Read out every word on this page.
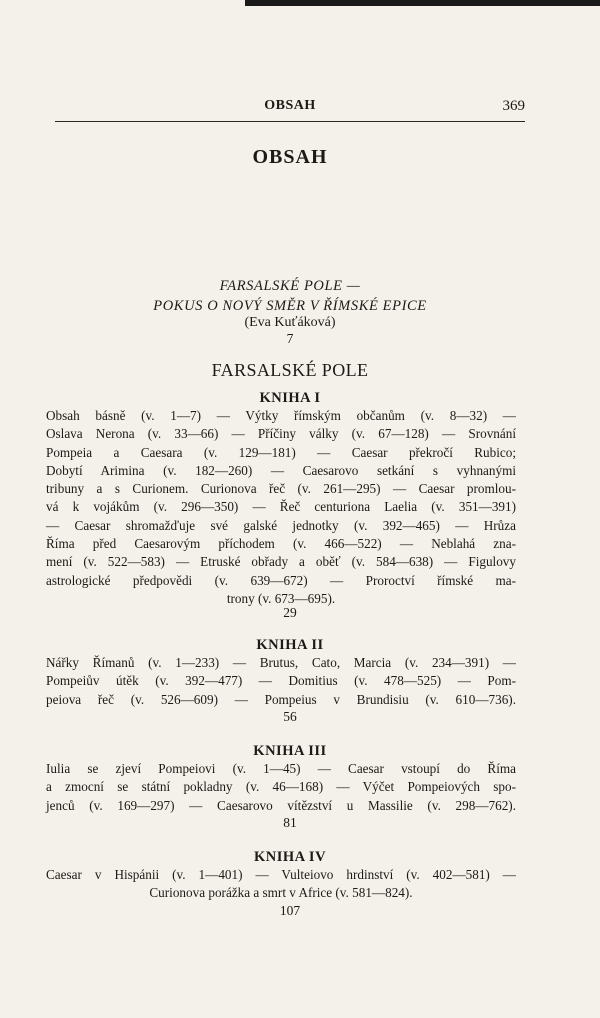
OBSAH	369
OBSAH
FARSALSKÉ POLE —
POKUS O NOVÝ SMĚR V ŘÍMSKÉ EPICE
(Eva Kuťáková)
7
FARSALSKÉ POLE
KNIHA I
Obsah básně (v. 1—7) — Výtky římským občanům (v. 8—32) —
Oslava Nerona (v. 33—66) — Příčiny války (v. 67—128) — Srovnání
Pompeia a Caesara (v. 129—181) — Caesar překročí Rubico;
Dobytí Arimina (v. 182—260) — Caesarovo setkání s vyhnanými
tribuny a s Curionem. Curionova řeč (v. 261—295) — Caesar promlou-
vá k vojákům (v. 296—350) — Řeč centuriona Laelia (v. 351—391)
— Caesar shromažďuje své galské jednotky (v. 392—465) — Hrůza
Říma před Caesarovým příchodem (v. 466—522) — Neblahá zna-
mení (v. 522—583) — Etruské obřady a oběť (v. 584—638) — Figulovy
astrologické předpovědi (v. 639—672) — Proroctví římské ma-
trony (v. 673—695).
29
KNIHA II
Nářky Římanů (v. 1—233) — Brutus, Cato, Marcia (v. 234—391) —
Pompeiův útěk (v. 392—477) — Domitius (v. 478—525) — Pom-
peiova řeč (v. 526—609) — Pompeius v Brundisiu (v. 610—736).
56
KNIHA III
Iulia se zjeví Pompeiovi (v. 1—45) — Caesar vstoupí do Říma
a zmocní se státní pokladny (v. 46—168) — Výčet Pompeiových spo-
jenců (v. 169—297) — Caesarovo vítězství u Massilie (v. 298—762).
81
KNIHA IV
Caesar v Hispánii (v. 1—401) — Vulteiovo hrdinství (v. 402—581) —
Curionova porážka a smrt v Africe (v. 581—824).
107
